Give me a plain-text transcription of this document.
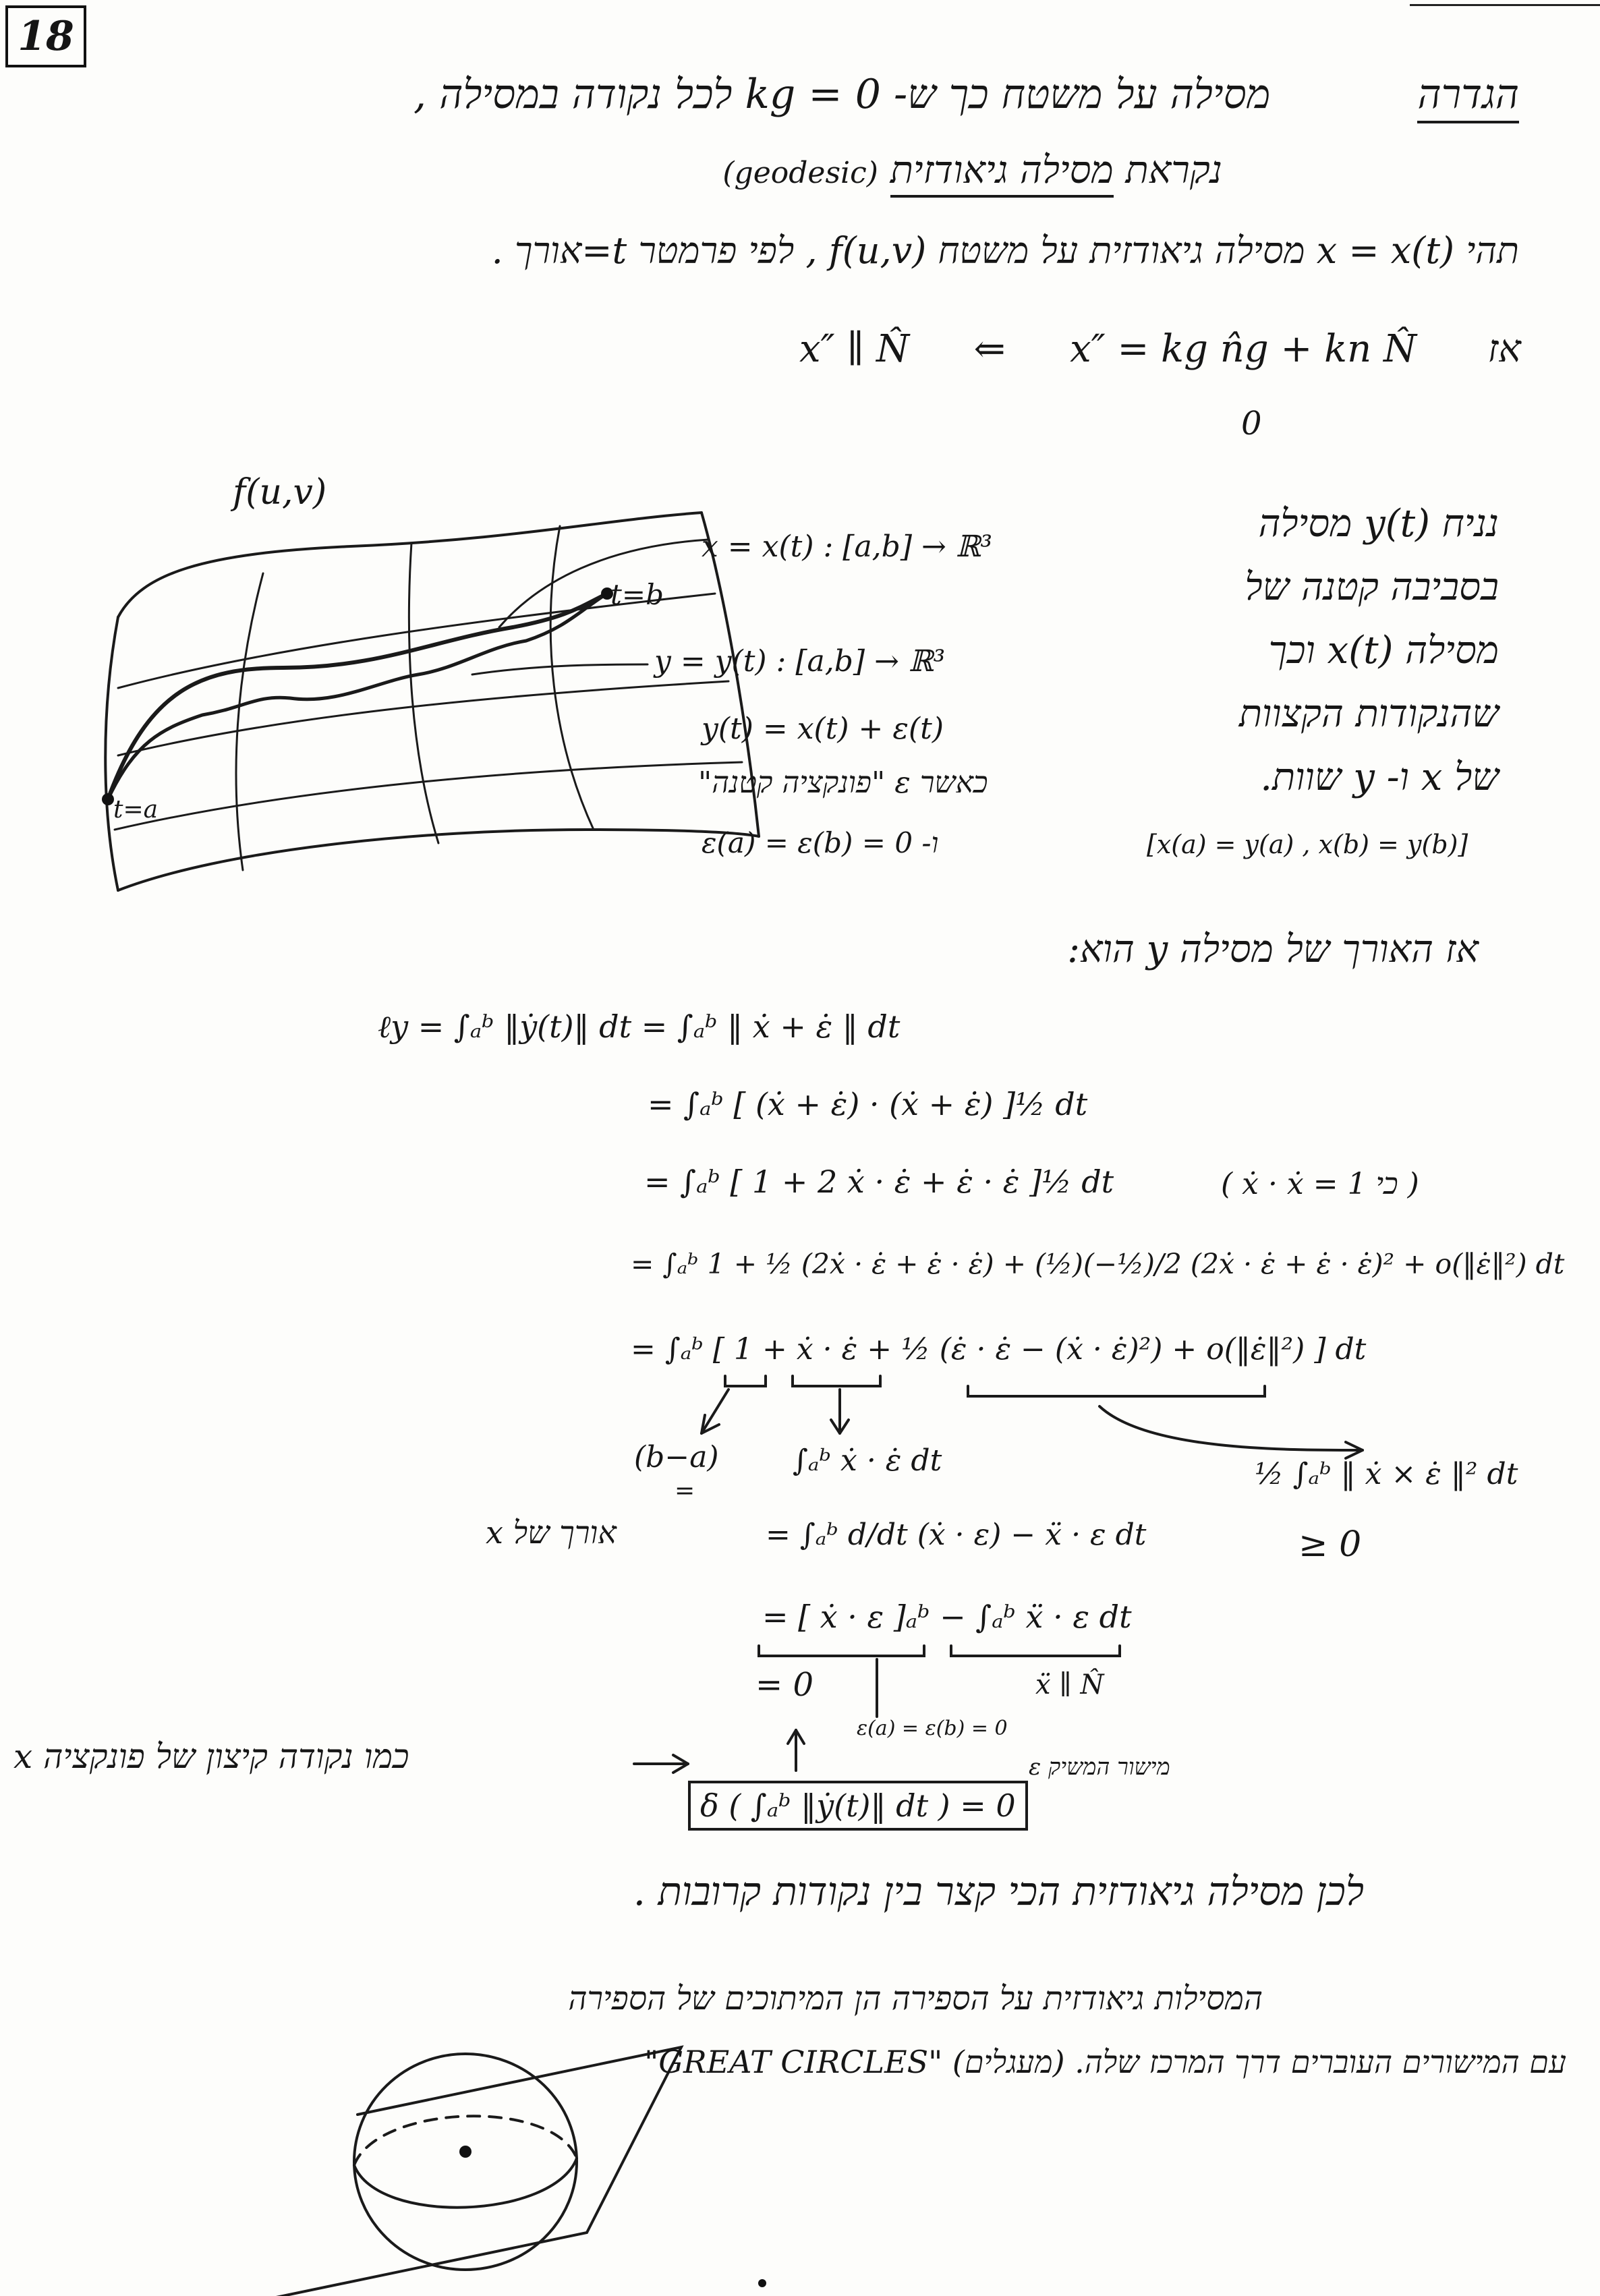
18
הגדרה  מסילה על משטח כך ש- kg = 0 לכל נקודה במסילה ,
נקראת מסילה גיאודזית (geodesic)
תהי x = x(t) מסילה גיאודזית על משטח f(u,v) , לפי פרמטר t=אורך .
x″ ∥ N̂ ⇐ x″ = kg n̂g + kn N̂ אז
0
f(u,v)
x = x(t) : [a,b] → ℝ³
t=b
y = y(t) : [a,b] → ℝ³
y(t) = x(t) + ε(t)
כאשר ε "פונקציה קטנה"
ו- ε(a) = ε(b) = 0
t=a
נניח y(t) מסילה
בסביבה קטנה של
מסילה x(t) וכך
שהנקודות הקצוות
של x ו- y שוות.
[x(a) = y(a) , x(b) = y(b)]
אז האורך של מסילה y הוא:
ℓy = ∫ₐᵇ ‖ẏ(t)‖ dt = ∫ₐᵇ ‖ ẋ + ε̇ ‖ dt
= ∫ₐᵇ [ (ẋ + ε̇) · (ẋ + ε̇) ]½ dt
= ∫ₐᵇ [ 1 + 2 ẋ · ε̇ + ε̇ · ε̇ ]½ dt	( ẋ · ẋ = 1 כי )
= ∫ₐᵇ 1 + ½ (2ẋ · ε̇ + ε̇ · ε̇) + (½)(−½)/2 (2ẋ · ε̇ + ε̇ · ε̇)² + o(‖ε̇‖²) dt
= ∫ₐᵇ [ 1 + ẋ · ε̇ + ½ (ε̇ · ε̇ − (ẋ · ε̇)²) + o(‖ε̇‖²) ] dt
(b−a)
=
אורך של x
∫ₐᵇ ẋ · ε̇ dt	½ ∫ₐᵇ ‖ ẋ × ε̇ ‖² dt
≥ 0
= ∫ₐᵇ d/dt (ẋ · ε) − ẍ · ε dt
= [ ẋ · ε ]ₐᵇ − ∫ₐᵇ ẍ · ε dt
= 0
ε(a) = ε(b) = 0
ẍ ∥ N̂
מישור המשיק ε
δ ( ∫ₐᵇ ‖ẏ(t)‖ dt ) = 0
x כמו נקודה קיצון של פונקציה
לכן מסילה גיאודזית הכי קצר בין נקודות קרובות .
המסילות גיאודזית על הספירה הן המיתוכים של הספירה
עם המישורים העוברים דרך המרכז שלה. (מעגלים) "GREAT CIRCLES"
